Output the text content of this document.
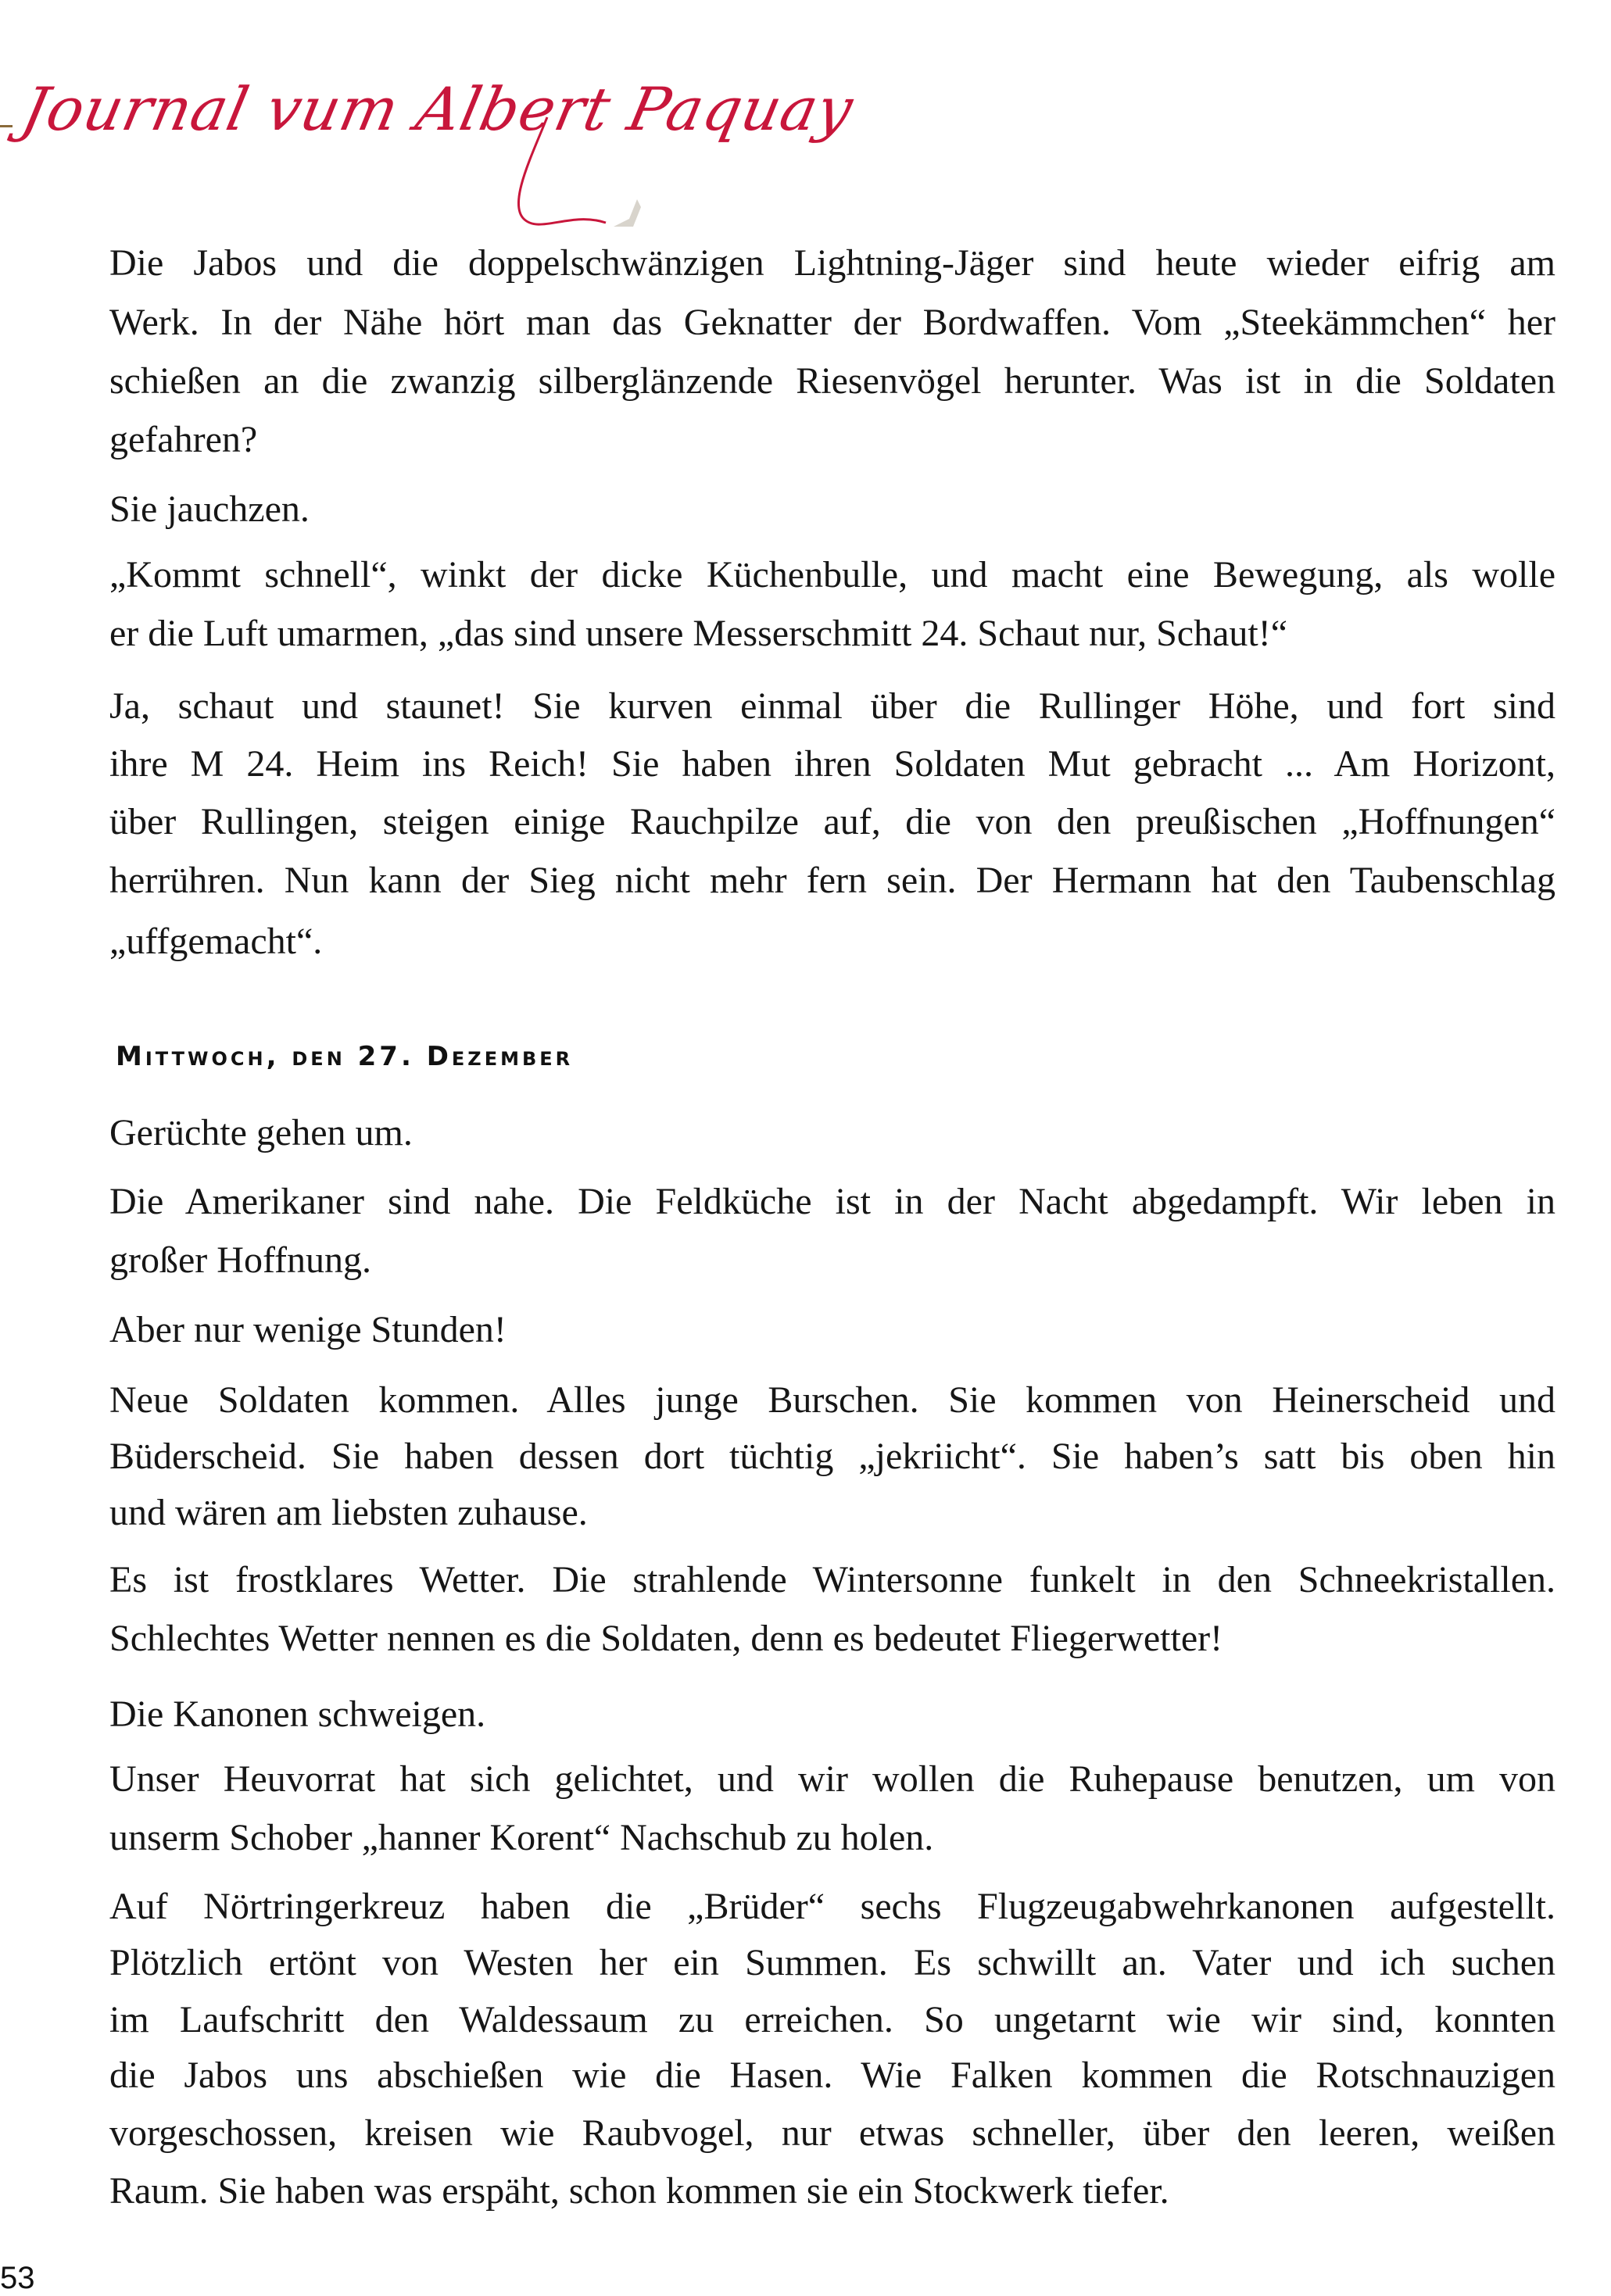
Journal vum Albert Paquay
Die Jabos und die doppelschwänzigen Lightning-Jäger sind heute wieder eifrig am
Werk. In der Nähe hört man das Geknatter der Bordwaffen. Vom „Steekämmchen“ her
schießen an die zwanzig silberglänzende Riesenvögel herunter. Was ist in die Soldaten
gefahren?
Sie jauchzen.
„Kommt schnell“, winkt der dicke Küchenbulle, und macht eine Bewegung, als wolle
er die Luft umarmen, „das sind unsere Messerschmitt 24. Schaut nur, Schaut!“
Ja, schaut und staunet! Sie kurven einmal über die Rullinger Höhe, und fort sind
ihre M 24. Heim ins Reich! Sie haben ihren Soldaten Mut gebracht ... Am Horizont,
über Rullingen, steigen einige Rauchpilze auf, die von den preußischen „Hoffnungen“
herrühren. Nun kann der Sieg nicht mehr fern sein. Der Hermann hat den Taubenschlag
„uffgemacht“.
Mittwoch, den 27. Dezember
Gerüchte gehen um.
Die Amerikaner sind nahe. Die Feldküche ist in der Nacht abgedampft. Wir leben in
großer Hoffnung.
Aber nur wenige Stunden!
Neue Soldaten kommen. Alles junge Burschen. Sie kommen von Heinerscheid und
Büderscheid. Sie haben dessen dort tüchtig „jekriicht“. Sie haben’s satt bis oben hin
und wären am liebsten zuhause.
Es ist frostklares Wetter. Die strahlende Wintersonne funkelt in den Schneekristallen.
Schlechtes Wetter nennen es die Soldaten, denn es bedeutet Fliegerwetter!
Die Kanonen schweigen.
Unser Heuvorrat hat sich gelichtet, und wir wollen die Ruhepause benutzen, um von
unserm Schober „hanner Korent“ Nachschub zu holen.
Auf Nörtringerkreuz haben die „Brüder“ sechs Flugzeugabwehrkanonen aufgestellt.
Plötzlich ertönt von Westen her ein Summen. Es schwillt an. Vater und ich suchen
im Laufschritt den Waldessaum zu erreichen. So ungetarnt wie wir sind, konnten
die Jabos uns abschießen wie die Hasen. Wie Falken kommen die Rotschnauzigen
vorgeschossen, kreisen wie Raubvogel, nur etwas schneller, über den leeren, weißen
Raum. Sie haben was erspäht, schon kommen sie ein Stockwerk tiefer.
53
